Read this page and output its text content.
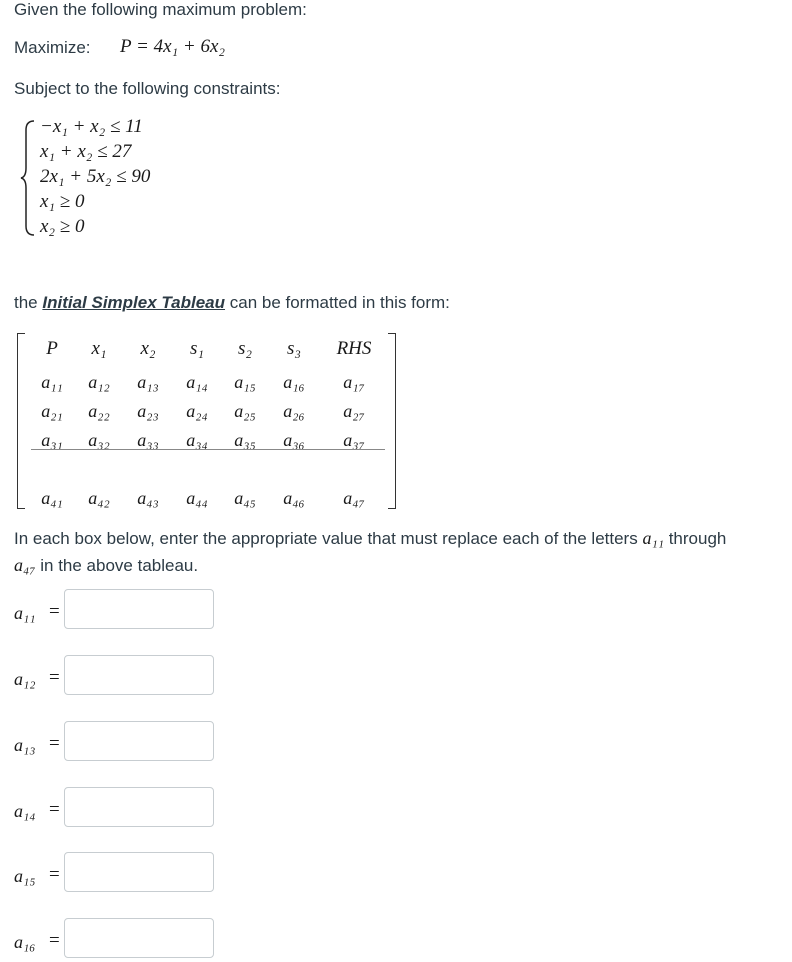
Given the following maximum problem:
Maximize: P = 4x₁ + 6x₂
Subject to the following constraints:
−x₁ + x₂ ≤ 11
x₁ + x₂ ≤ 27
2x₁ + 5x₂ ≤ 90
x₁ ≥ 0
x₂ ≥ 0
the Initial Simplex Tableau can be formatted in this form:
P	x₁	x₂	s₁	s₂	s₃	RHS
a₁₁	a₁₂	a₁₃	a₁₄	a₁₅	a₁₆	a₁₇
a₂₁	a₂₂	a₂₃	a₂₄	a₂₅	a₂₆	a₂₇
a₃₁	a₃₂	a₃₃	a₃₄	a₃₅	a₃₆	a₃₇
a₄₁	a₄₂	a₄₃	a₄₄	a₄₅	a₄₆	a₄₇
In each box below, enter the appropriate value that must replace each of the letters a₁₁ through
a₄₇ in the above tableau.
a₁₁ =
a₁₂ =
a₁₃ =
a₁₄ =
a₁₅ =
a₁₆ =
